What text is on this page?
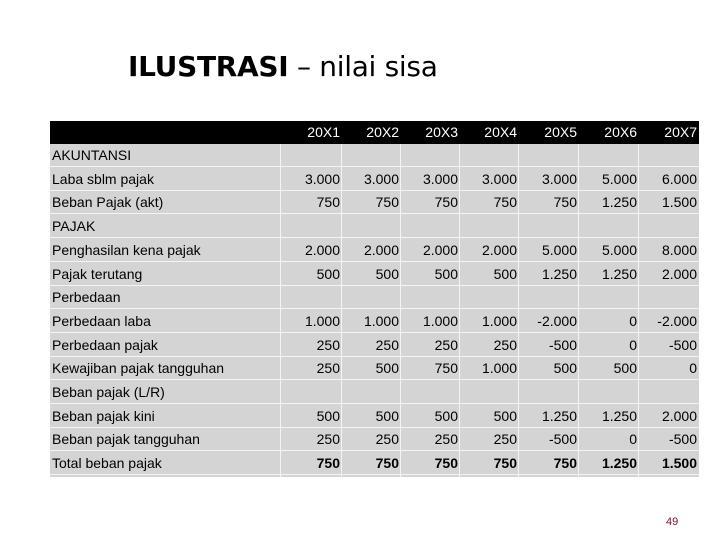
ILUSTRASI – nilai sisa
20X1	20X2	20X3	20X4	20X5	20X6	20X7
AKUNTANSI
Laba sblm pajak	3.000	3.000	3.000	3.000	3.000	5.000	6.000
Beban Pajak (akt)	750	750	750	750	750	1.250	1.500
PAJAK
Penghasilan kena pajak	2.000	2.000	2.000	2.000	5.000	5.000	8.000
Pajak terutang	500	500	500	500	1.250	1.250	2.000
Perbedaan
Perbedaan laba	1.000	1.000	1.000	1.000	-2.000	0	-2.000
Perbedaan pajak	250	250	250	250	-500	0	-500
Kewajiban pajak tangguhan	250	500	750	1.000	500	500	0
Beban pajak (L/R)
Beban pajak kini	500	500	500	500	1.250	1.250	2.000
Beban pajak tangguhan	250	250	250	250	-500	0	-500
Total beban pajak	750	750	750	750	750	1.250	1.500
49
